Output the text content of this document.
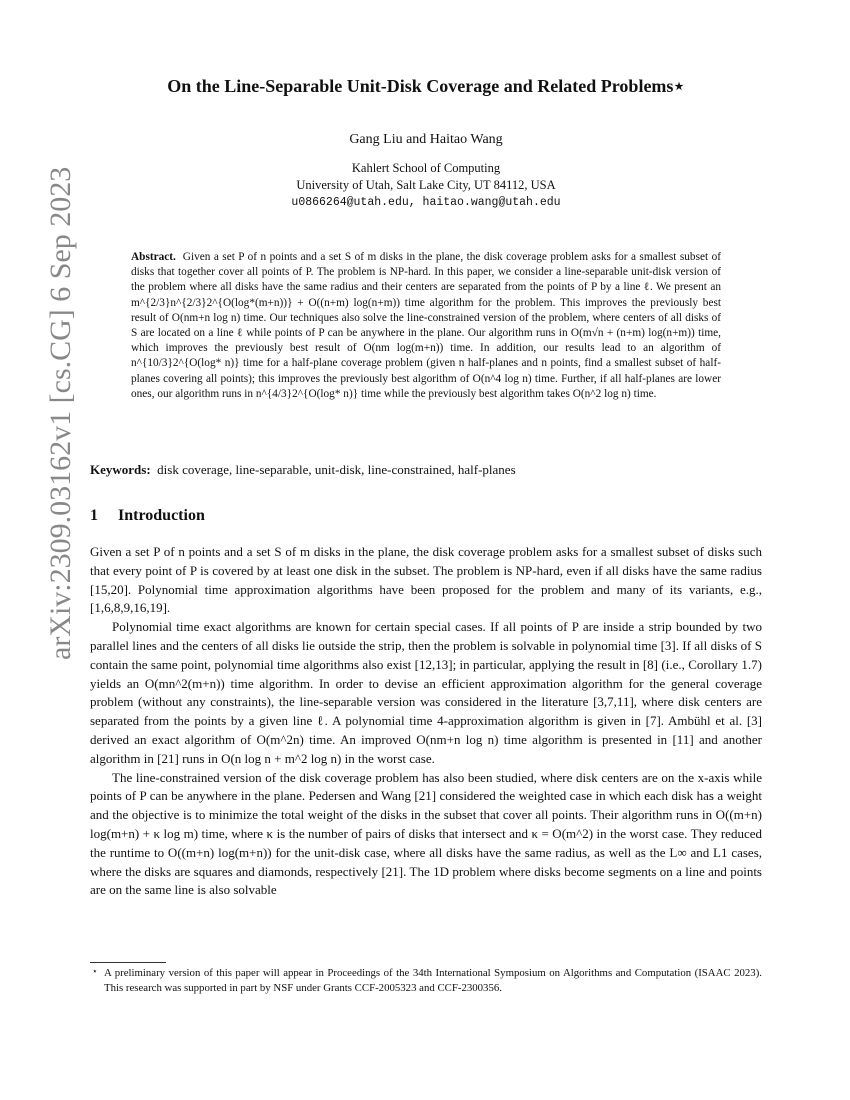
arXiv:2309.03162v1 [cs.CG] 6 Sep 2023
On the Line-Separable Unit-Disk Coverage and Related Problems⋆
Gang Liu and Haitao Wang
Kahlert School of Computing
University of Utah, Salt Lake City, UT 84112, USA
u0866264@utah.edu, haitao.wang@utah.edu
Abstract. Given a set P of n points and a set S of m disks in the plane, the disk coverage problem asks for a smallest subset of disks that together cover all points of P. The problem is NP-hard. In this paper, we consider a line-separable unit-disk version of the problem where all disks have the same radius and their centers are separated from the points of P by a line ℓ. We present an m^{2/3}n^{2/3}2^{O(log*(m+n))} + O((n+m) log(n+m)) time algorithm for the problem. This improves the previously best result of O(nm+n log n) time. Our techniques also solve the line-constrained version of the problem, where centers of all disks of S are located on a line ℓ while points of P can be anywhere in the plane. Our algorithm runs in O(m√n + (n+m) log(n+m)) time, which improves the previously best result of O(nm log(m+n)) time. In addition, our results lead to an algorithm of n^{10/3}2^{O(log* n)} time for a half-plane coverage problem (given n half-planes and n points, find a smallest subset of half-planes covering all points); this improves the previously best algorithm of O(n^4 log n) time. Further, if all half-planes are lower ones, our algorithm runs in n^{4/3}2^{O(log* n)} time while the previously best algorithm takes O(n^2 log n) time.
Keywords: disk coverage, line-separable, unit-disk, line-constrained, half-planes
1 Introduction

Given a set P of n points and a set S of m disks in the plane, the disk coverage problem asks for a smallest subset of disks such that every point of P is covered by at least one disk in the subset. The problem is NP-hard, even if all disks have the same radius [15,20]. Polynomial time approximation algorithms have been proposed for the problem and many of its variants, e.g., [1,6,8,9,16,19].

Polynomial time exact algorithms are known for certain special cases. If all points of P are inside a strip bounded by two parallel lines and the centers of all disks lie outside the strip, then the problem is solvable in polynomial time [3]. If all disks of S contain the same point, polynomial time algorithms also exist [12,13]; in particular, applying the result in [8] (i.e., Corollary 1.7) yields an O(mn^2(m+n)) time algorithm. In order to devise an efficient approximation algorithm for the general coverage problem (without any constraints), the line-separable version was considered in the literature [3,7,11], where disk centers are separated from the points by a given line ℓ. A polynomial time 4-approximation algorithm is given in [7]. Ambühl et al. [3] derived an exact algorithm of O(m^2n) time. An improved O(nm+n log n) time algorithm is presented in [11] and another algorithm in [21] runs in O(n log n + m^2 log n) in the worst case.

The line-constrained version of the disk coverage problem has also been studied, where disk centers are on the x-axis while points of P can be anywhere in the plane. Pedersen and Wang [21] considered the weighted case in which each disk has a weight and the objective is to minimize the total weight of the disks in the subset that cover all points. Their algorithm runs in O((m+n) log(m+n) + κ log m) time, where κ is the number of pairs of disks that intersect and κ = O(m^2) in the worst case. They reduced the runtime to O((m+n) log(m+n)) for the unit-disk case, where all disks have the same radius, as well as the L∞ and L1 cases, where the disks are squares and diamonds, respectively [21]. The 1D problem where disks become segments on a line and points are on the same line is also solvable

⋆ A preliminary version of this paper will appear in Proceedings of the 34th International Symposium on Algorithms and Computation (ISAAC 2023). This research was supported in part by NSF under Grants CCF-2005323 and CCF-2300356.
